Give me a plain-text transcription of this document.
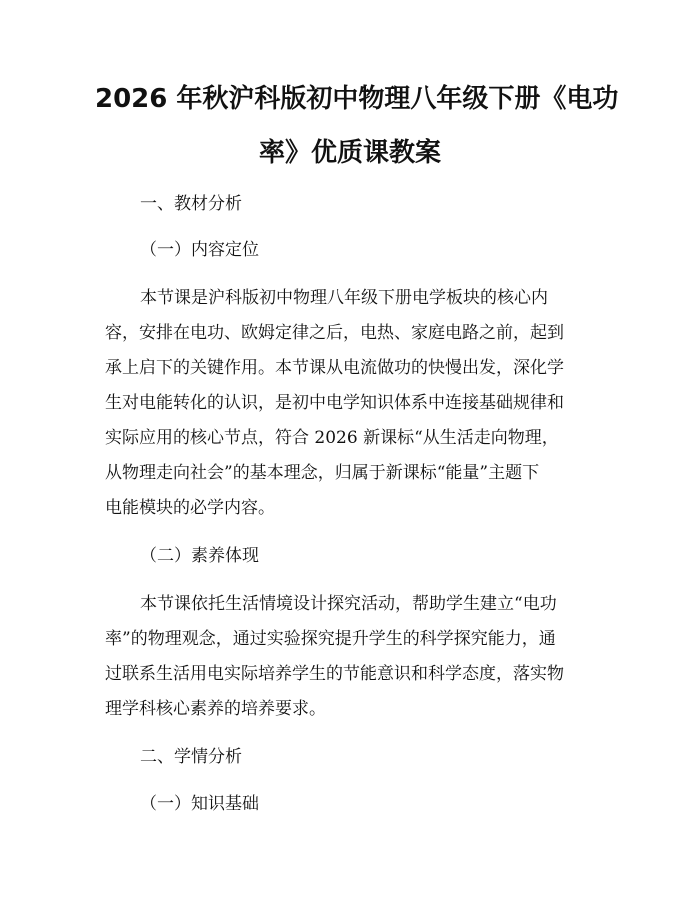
2026 年秋沪科版初中物理八年级下册《电功
率》优质课教案
一、教材分析
（一）内容定位
本节课是沪科版初中物理八年级下册电学板块的核心内
容，安排在电功、欧姆定律之后，电热、家庭电路之前，起到
承上启下的关键作用。本节课从电流做功的快慢出发，深化学
生对电能转化的认识，是初中电学知识体系中连接基础规律和
实际应用的核心节点，符合 2026 新课标“从生活走向物理，
从物理走向社会”的基本理念，归属于新课标“能量”主题下
电能模块的必学内容。
（二）素养体现
本节课依托生活情境设计探究活动，帮助学生建立“电功
率”的物理观念，通过实验探究提升学生的科学探究能力，通
过联系生活用电实际培养学生的节能意识和科学态度，落实物
理学科核心素养的培养要求。
二、学情分析
（一）知识基础
